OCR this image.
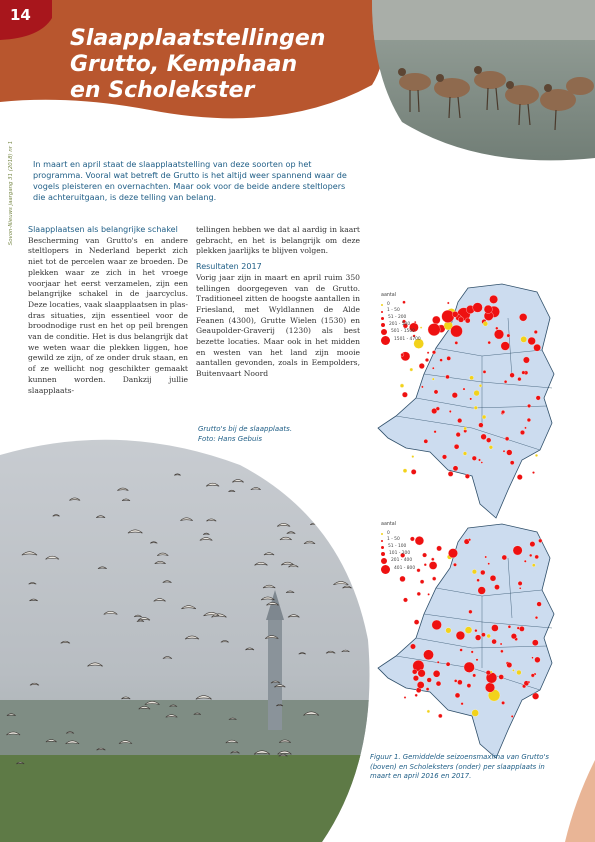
14
Slaapplaatstellingen
Grutto, Kemphaan
en Scholekster
Sovon-Nieuws jaargang 31 (2018) nr 1 In maart en april staat de slaapplaatstelling van deze soorten op het programma. Vooral wat betreft de Grutto is het altijd weer spannend waar de vogels pleisteren en overnachten. Maar ook voor de beide andere steltlopers die achteruitgaan, is deze telling van belang.
Slaapplaatsen als belangrijke schakel
Bescherming van Grutto's en andere steltlopers in Nederland beperkt zich niet tot de percelen waar ze broeden. De plekken waar ze zich in het vroege voorjaar het eerst verzamelen, zijn een belangrijke schakel in de jaarcyclus. Deze locaties, vaak slaapplaatsen in plas-dras situaties, zijn essentieel voor de broodnodige rust en het op peil brengen van de conditie. Het is dus belangrijk dat we weten waar die plekken liggen, hoe gewild ze zijn, of ze onder druk staan, en of ze wellicht nog geschikter gemaakt kunnen worden. Dankzij jullie slaapplaats-
tellingen hebben we dat al aardig in kaart gebracht, en het is belangrijk om deze plekken jaarlijks te blijven volgen.
Resultaten 2017
Vorig jaar zijn in maart en april ruim 350 tellingen doorgegeven van de Grutto. Traditioneel zitten de hoogste aantallen in Friesland, met Wyldlannen de Alde Feanen (4300), Grutte Wielen (1530) en Geaupolder-Graverij (1230) als best bezette locaties. Maar ook in het midden en westen van het land zijn mooie aantallen gevonden, zoals in Eempolders, Buitenvaart Noord
Grutto's bij de slaapplaats.
Foto: Hans Gebuis
Figuur 1. Gemiddelde seizoensmaxima van Grutto's (boven) en Scholeksters (onder) per slaapplaats in maart en april 2016 en 2017.
aantal
0
1 - 50
51 - 200
201 - 500
501 - 1500
1501 - 4700
aantal
0
1 - 50
51 - 100
101 - 200
201 - 400
401 - 800
